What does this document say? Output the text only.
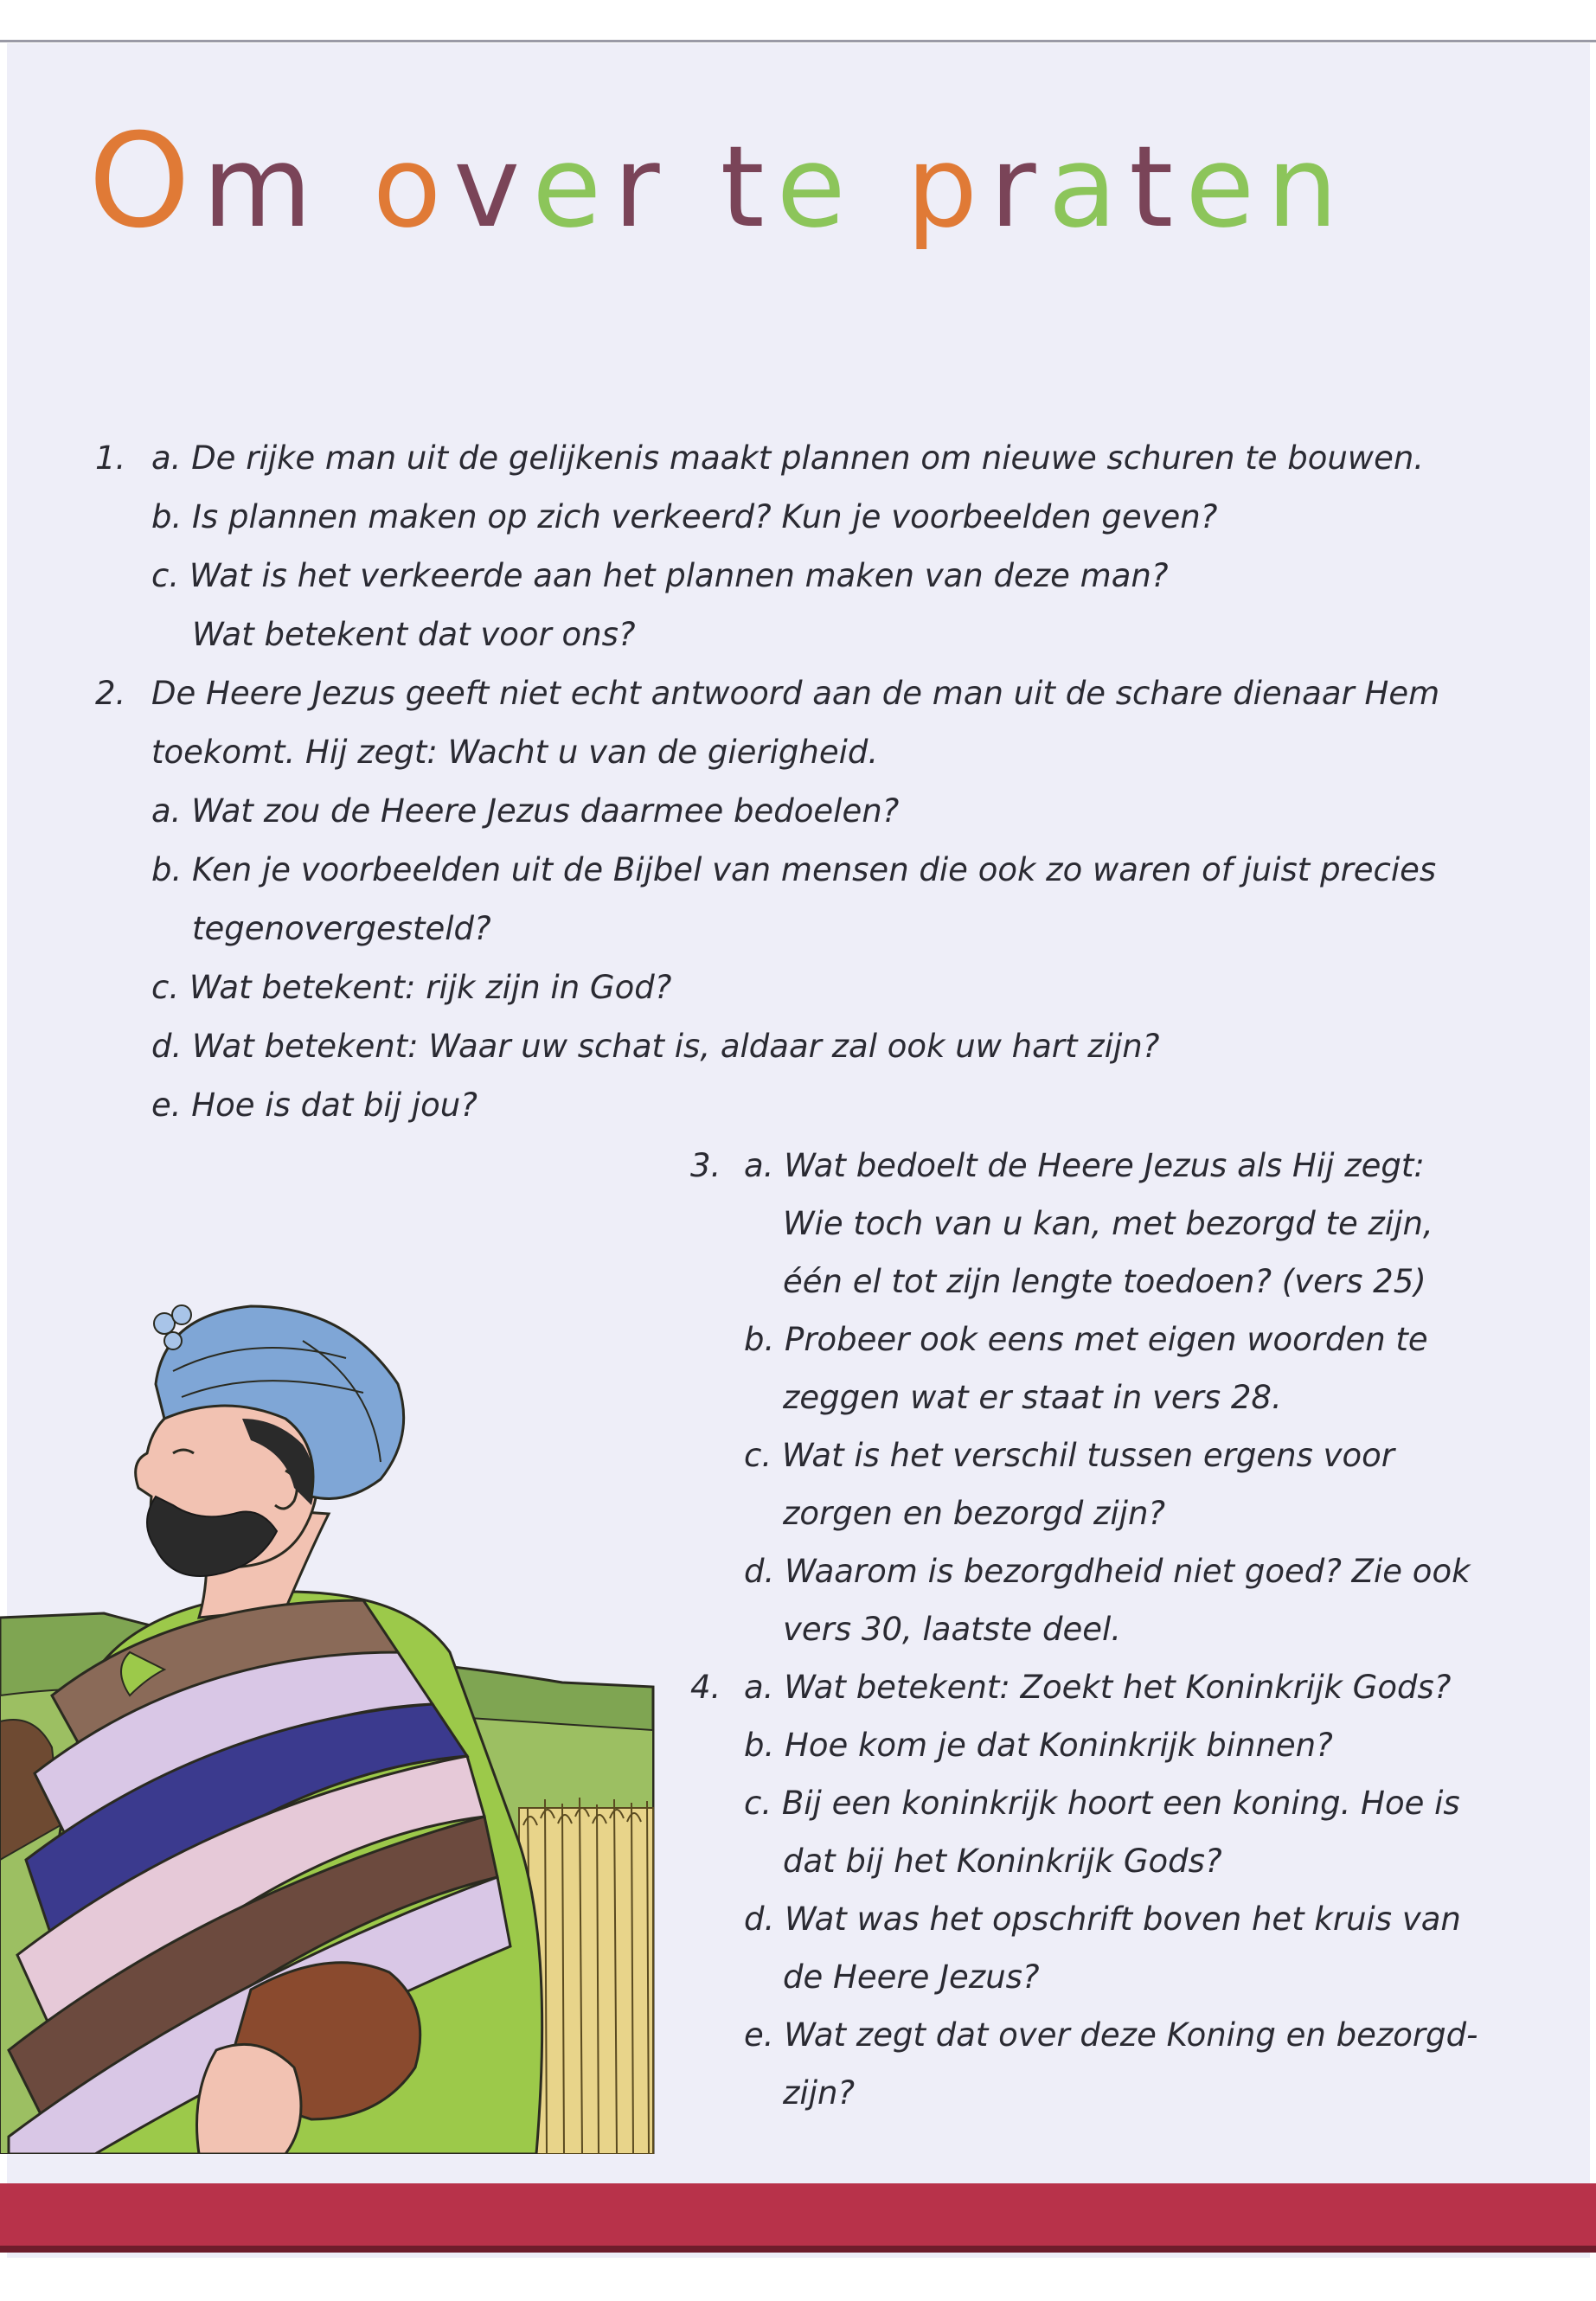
Om over te praten

1. a. De rijke man uit de gelijkenis maakt plannen om nieuwe schuren te bouwen.

b. Is plannen maken op zich verkeerd? Kun je voorbeelden geven?

c. Wat is het verkeerde aan het plannen maken van deze man?

Wat betekent dat voor ons?

2. De Heere Jezus geeft niet echt antwoord aan de man uit de schare dienaar Hem

toekomt. Hij zegt: Wacht u van de gierigheid.

a. Wat zou de Heere Jezus daarmee bedoelen?

b. Ken je voorbeelden uit de Bijbel van mensen die ook zo waren of juist precies

tegenovergesteld?

c. Wat betekent: rijk zijn in God?

d. Wat betekent: Waar uw schat is, aldaar zal ook uw hart zijn?

e. Hoe is dat bij jou?

3. a. Wat bedoelt de Heere Jezus als Hij zegt:

Wie toch van u kan, met bezorgd te zijn,

één el tot zijn lengte toedoen? (vers 25)

b. Probeer ook eens met eigen woorden te

zeggen wat er staat in vers 28.

c. Wat is het verschil tussen ergens voor

zorgen en bezorgd zijn?

d. Waarom is bezorgdheid niet goed? Zie ook

vers 30, laatste deel.

4. a. Wat betekent: Zoekt het Koninkrijk Gods?

b. Hoe kom je dat Koninkrijk binnen?

c. Bij een koninkrijk hoort een koning. Hoe is

dat bij het Koninkrijk Gods?

d. Wat was het opschrift boven het kruis van

de Heere Jezus?

e. Wat zegt dat over deze Koning en bezorgd-

zijn?
